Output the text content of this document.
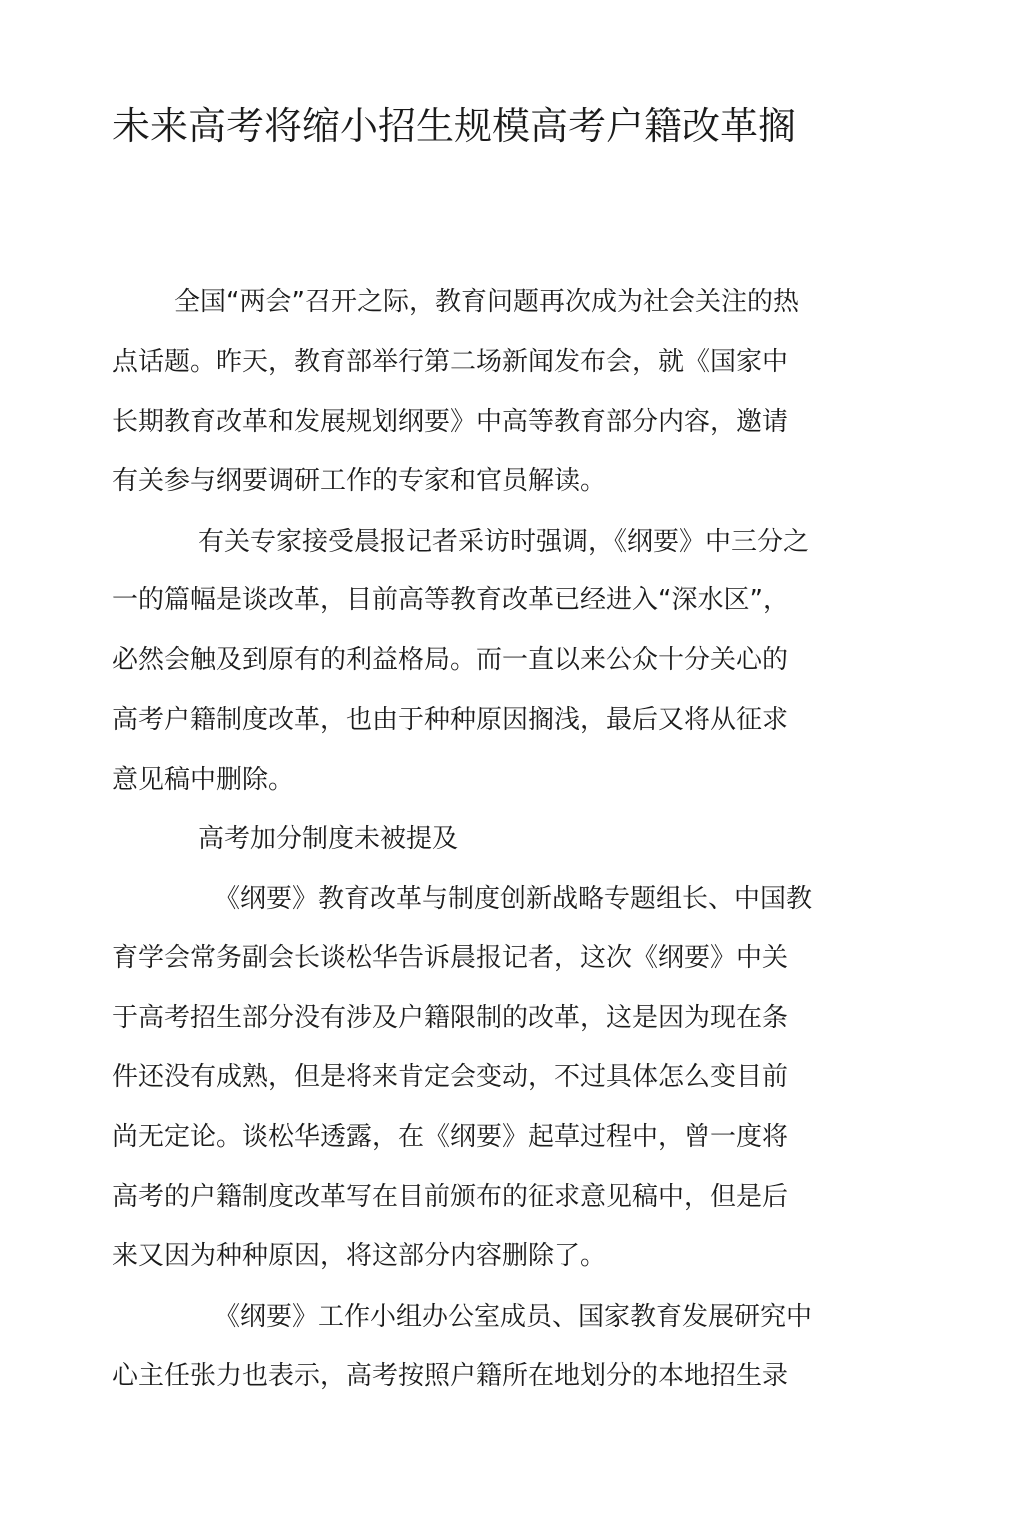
未来高考将缩小招生规模高考户籍改革搁

全国“两会”召开之际，教育问题再次成为社会关注的热

点话题。昨天，教育部举行第二场新闻发布会，就《国家中

长期教育改革和发展规划纲要》中高等教育部分内容，邀请

有关参与纲要调研工作的专家和官员解读。

有关专家接受晨报记者采访时强调，《纲要》中三分之

一的篇幅是谈改革，目前高等教育改革已经进入“深水区”，

必然会触及到原有的利益格局。而一直以来公众十分关心的

高考户籍制度改革，也由于种种原因搁浅，最后又将从征求

意见稿中删除。

高考加分制度未被提及

《纲要》教育改革与制度创新战略专题组长、中国教

育学会常务副会长谈松华告诉晨报记者，这次《纲要》中关

于高考招生部分没有涉及户籍限制的改革，这是因为现在条

件还没有成熟，但是将来肯定会变动，不过具体怎么变目前

尚无定论。谈松华透露，在《纲要》起草过程中，曾一度将

高考的户籍制度改革写在目前颁布的征求意见稿中，但是后

来又因为种种原因，将这部分内容删除了。

《纲要》工作小组办公室成员、国家教育发展研究中

心主任张力也表示，高考按照户籍所在地划分的本地招生录
